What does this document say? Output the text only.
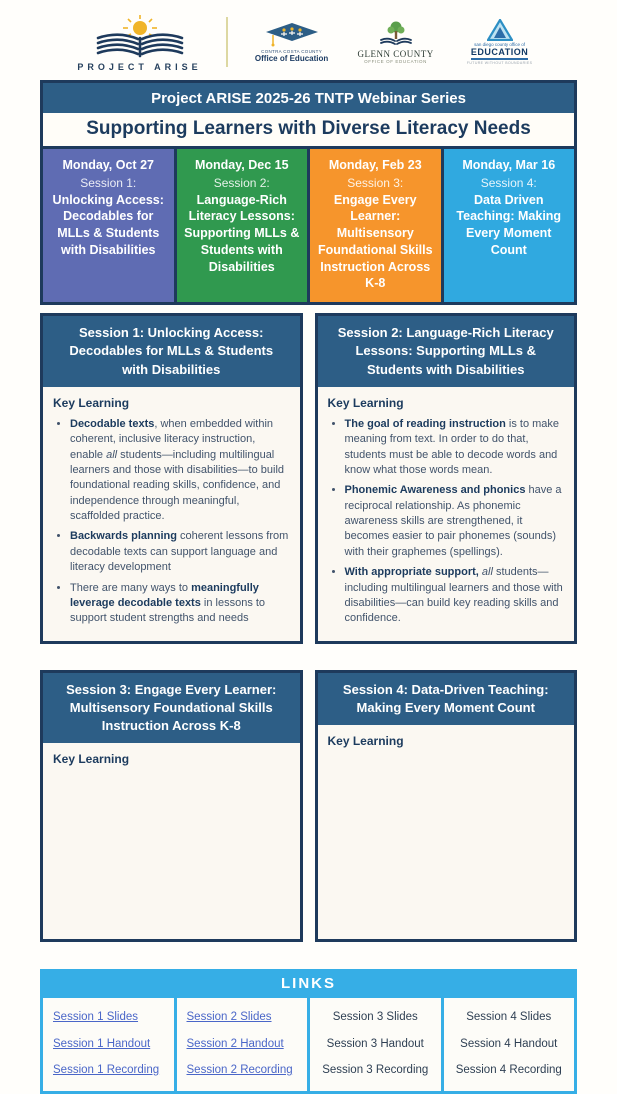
PROJECT ARISE
CONTRA COSTA COUNTY
Office of Education	GLENN COUNTY
OFFICE OF EDUCATION
san diego county office of
EDUCATION
FUTURE WITHOUT BOUNDARIES
Project ARISE 2025-26 TNTP Webinar Series
Supporting Learners with Diverse Literacy Needs
Monday, Oct 27
Session 1:
Unlocking Access: Decodables for MLLs & Students with Disabilities
Monday, Dec 15
Session 2:
Language-Rich Literacy Lessons: Supporting MLLs & Students with Disabilities
Monday, Feb 23
Session 3:
Engage Every Learner: Multisensory Foundational Skills Instruction Across K-8
Monday, Mar 16
Session 4:
Data Driven Teaching: Making Every Moment Count
Session 1: Unlocking Access: Decodables for MLLs & Students with Disabilities
Key Learning
• Decodable texts, when embedded within coherent, inclusive literacy instruction, enable all students—including multilingual learners and those with disabilities—to build foundational reading skills, confidence, and independence through meaningful, scaffolded practice.
• Backwards planning coherent lessons from decodable texts can support language and literacy development
• There are many ways to meaningfully leverage decodable texts in lessons to support student strengths and needs
Session 2: Language-Rich Literacy Lessons: Supporting MLLs & Students with Disabilities
Key Learning
• The goal of reading instruction is to make meaning from text. In order to do that, students must be able to decode words and know what those words mean.
• Phonemic Awareness and phonics have a reciprocal relationship. As phonemic awareness skills are strengthened, it becomes easier to pair phonemes (sounds) with their graphemes (spellings).
• With appropriate support, all students—including multilingual learners and those with disabilities—can build key reading skills and confidence.
Session 3: Engage Every Learner: Multisensory Foundational Skills Instruction Across K-8
Key Learning
Session 4: Data-Driven Teaching: Making Every Moment Count
Key Learning
LINKS
Session 1 Slides
Session 1 Handout
Session 1 Recording
Session 2 Slides
Session 2 Handout
Session 2 Recording
Session 3 Slides
Session 3 Handout
Session 3 Recording
Session 4 Slides
Session 4 Handout
Session 4 Recording
